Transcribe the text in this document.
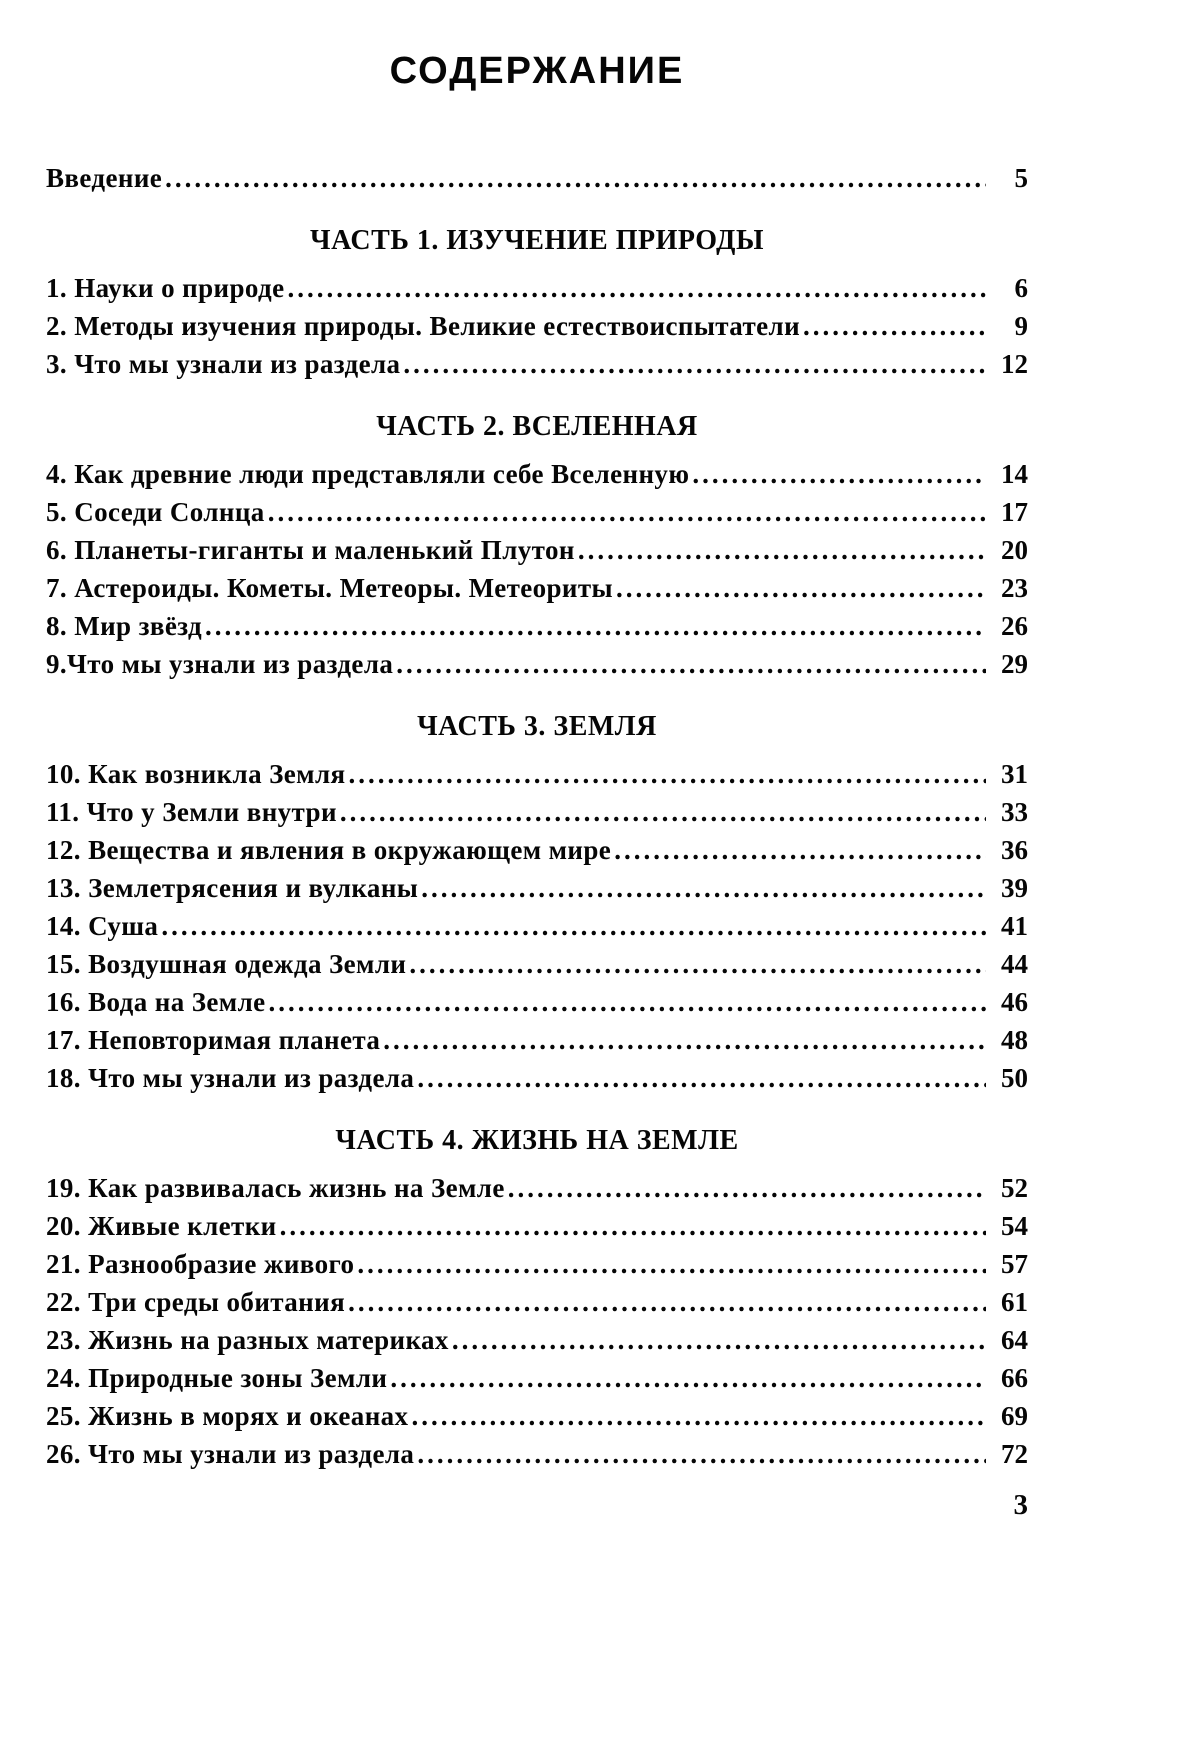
СОДЕРЖАНИЕ
Введение .....	5
ЧАСТЬ 1. ИЗУЧЕНИЕ ПРИРОДЫ
1. Науки о природе .....	6
2. Методы изучения природы. Великие естествоиспытатели .....	9
3. Что мы узнали из раздела .....	12
ЧАСТЬ 2. ВСЕЛЕННАЯ
4. Как древние люди представляли себе Вселенную .....	14
5. Соседи Солнца .....	17
6. Планеты-гиганты и маленький Плутон .....	20
7. Астероиды. Кометы. Метеоры. Метеориты .....	23
8. Мир звёзд .....	26
9.Что мы узнали из раздела .....	29
ЧАСТЬ 3. ЗЕМЛЯ
10. Как возникла Земля .....	31
11. Что у Земли внутри .....	33
12. Вещества и явления в окружающем мире .....	36
13. Землетрясения и вулканы .....	39
14. Суша .....	41
15. Воздушная одежда Земли .....	44
16. Вода на Земле .....	46
17. Неповторимая планета .....	48
18. Что мы узнали из раздела .....	50
ЧАСТЬ 4. ЖИЗНЬ НА ЗЕМЛЕ
19. Как развивалась жизнь на Земле .....	52
20. Живые клетки .....	54
21. Разнообразие живого .....	57
22. Три среды обитания .....	61
23. Жизнь на разных материках .....	64
24. Природные зоны Земли .....	66
25. Жизнь в морях и океанах .....	69
26. Что мы узнали из раздела .....	72
3
